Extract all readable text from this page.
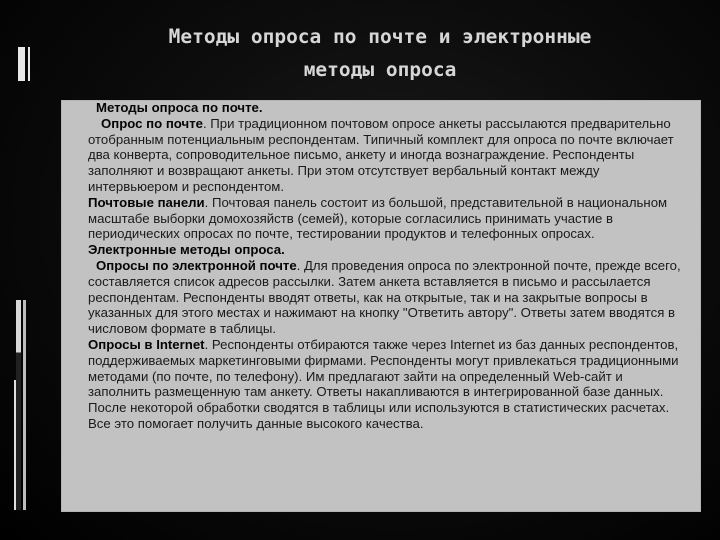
Методы опроса по почте и электронные
методы опроса

Методы опроса по почте.

Опрос по почте. При традиционном почтовом опросе анкеты рассылаются предварительно отобранным потенциальным респондентам. Типичный комплект для опроса по почте включает два конверта, сопроводительное письмо, анкету и иногда вознаграждение. Респонденты заполняют и возвращают анкеты. При этом отсутствует вербальный контакт между интервьюером и респондентом.

Почтовые панели. Почтовая панель состоит из большой, представительной в национальном масштабе выборки домохозяйств (семей), которые согласились принимать участие в периодических опросах по почте, тестировании продуктов и телефонных опросах.

Электронные методы опроса.

Опросы по электронной почте. Для проведения опроса по электронной почте, прежде всего, составляется список адресов рассылки. Затем анкета вставляется в письмо и рассылается респондентам. Респонденты вводят ответы, как на открытые, так и на закрытые вопросы в указанных для этого местах и нажимают на кнопку "Ответить автору". Ответы затем вводятся в числовом формате в таблицы.

Опросы в Internet. Респонденты отбираются также через Internet из баз данных респондентов, поддерживаемых маркетинговыми фирмами. Респонденты могут привлекаться традиционными методами (по почте, по телефону). Им предлагают зайти на определенный Web-сайт и заполнить размещенную там анкету. Ответы накапливаются в интегрированной базе данных. После некоторой обработки сводятся в таблицы или используются в статистических расчетах. Все это помогает получить данные высокого качества.
